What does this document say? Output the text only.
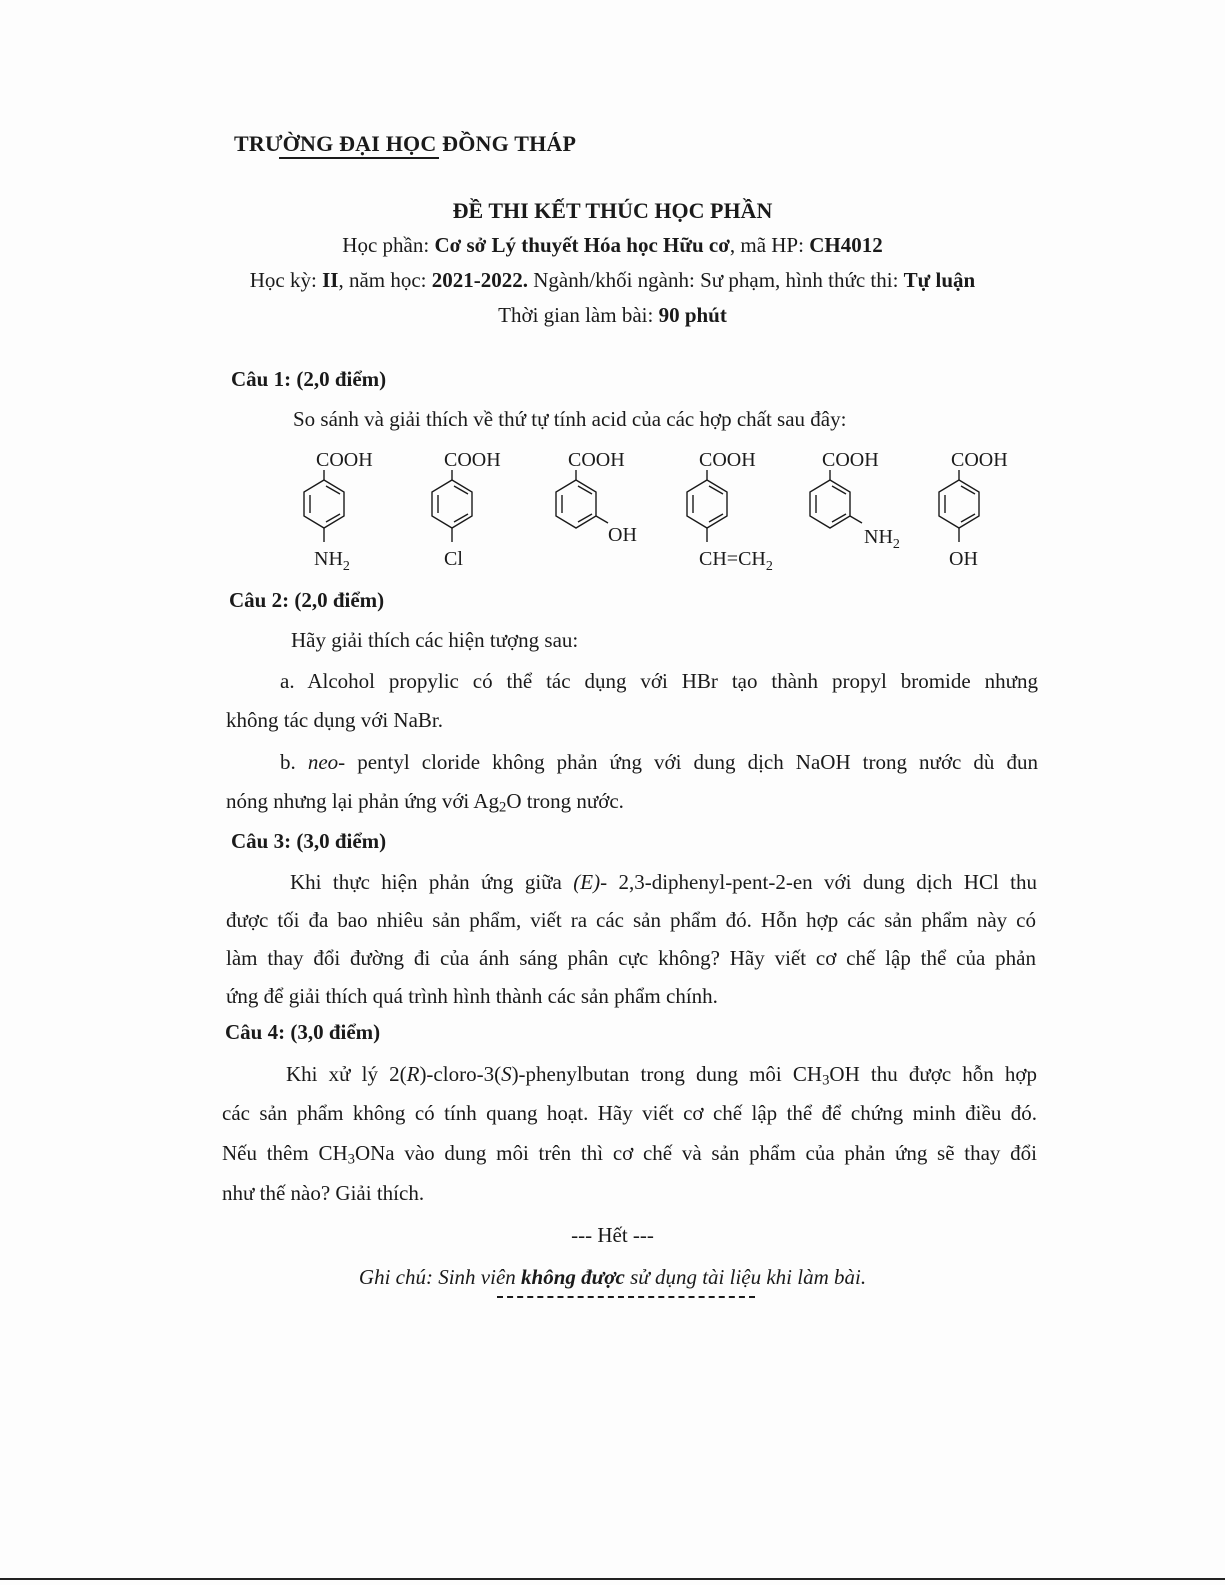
TRƯỜNG ĐẠI HỌC ĐỒNG THÁP
ĐỀ THI KẾT THÚC HỌC PHẦN
Học phần: Cơ sở Lý thuyết Hóa học Hữu cơ, mã HP: CH4012
Học kỳ: II, năm học: 2021-2022. Ngành/khối ngành: Sư phạm, hình thức thi: Tự luận
Thời gian làm bài: 90 phút
Câu 1: (2,0 điểm)
So sánh và giải thích về thứ tự tính acid của các hợp chất sau đây:
COOH
$NH_2$
COOH
Cl
COOH
OH
COOH
$CH=CH_2$
COOH
$NH_2$
COOH
OH
Câu 2: (2,0 điểm)
Hãy giải thích các hiện tượng sau:
a. Alcohol propylic có thể tác dụng với HBr tạo thành propyl bromide nhưng
không tác dụng với NaBr.
b. neo- pentyl cloride không phản ứng với dung dịch NaOH trong nước dù đun
nóng nhưng lại phản ứng với $Ag_2O$ trong nước.
Câu 3: (3,0 điểm)
Khi thực hiện phản ứng giữa (E)- 2,3-diphenyl-pent-2-en với dung dịch HCl thu
được tối đa bao nhiêu sản phẩm, viết ra các sản phẩm đó. Hỗn hợp các sản phẩm này có
làm thay đổi đường đi của ánh sáng phân cực không? Hãy viết cơ chế lập thể của phản
ứng để giải thích quá trình hình thành các sản phẩm chính.
Câu 4: (3,0 điểm)
Khi xử lý 2(R)-cloro-3(S)-phenylbutan trong dung môi $CH_3OH$ thu được hỗn hợp
các sản phẩm không có tính quang hoạt. Hãy viết cơ chế lập thể để chứng minh điều đó.
Nếu thêm $CH_3ONa$ vào dung môi trên thì cơ chế và sản phẩm của phản ứng sẽ thay đổi
như thế nào? Giải thích.
--- Hết ---
Ghi chú: Sinh viên không được sử dụng tài liệu khi làm bài.
